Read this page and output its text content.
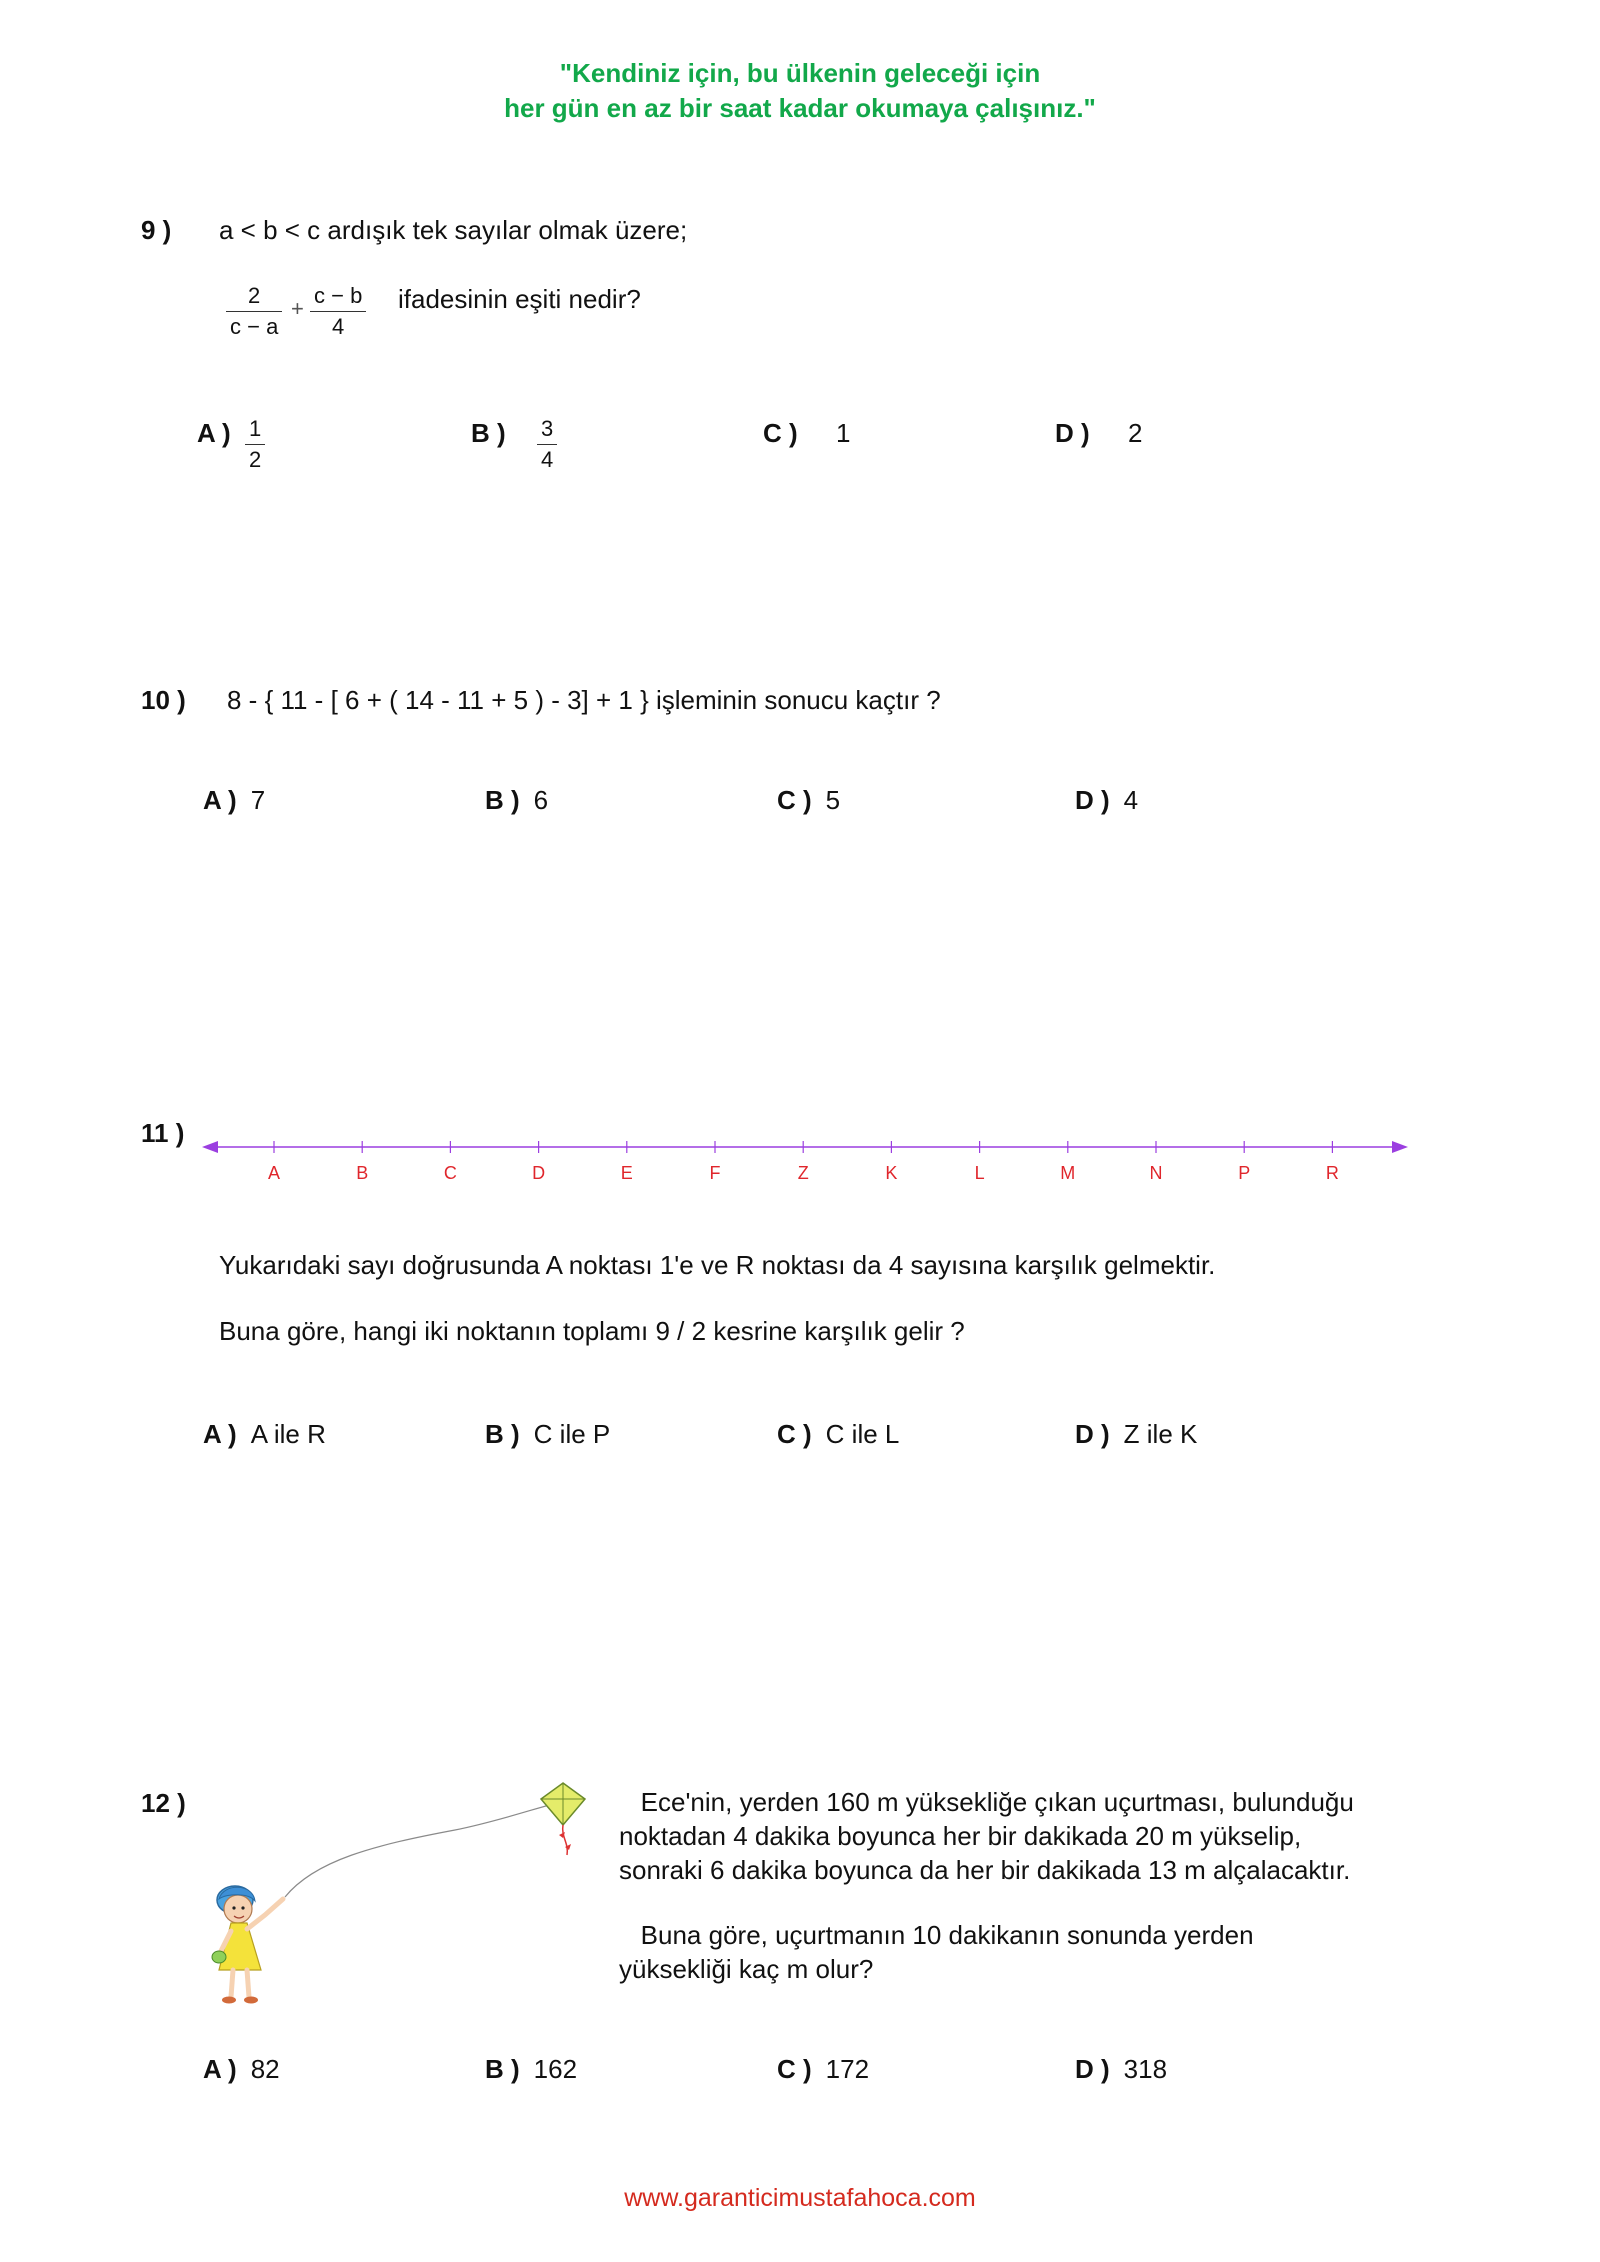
"Kendiniz için, bu ülkenin geleceği için
her gün en az bir saat kadar okumaya çalışınız."
9 ) a < b < c ardışık tek sayılar olmak üzere;
$\frac{2}{c - a} + \frac{c - b}{4}$ ifadesinin eşiti nedir?
A ) $\frac{1}{2}$	B ) $\frac{3}{4}$	C ) 1	D ) 2
10 ) 8 - { 11 - [ 6 + ( 14 - 11 + 5 ) - 3] + 1 } işleminin sonucu kaçtır ?
A ) 7	B ) 6	C ) 5	D ) 4
11 )
A	B	C	D	E	F	Z	K	L	M	N	P	R
Yukarıdaki sayı doğrusunda A noktası 1'e ve R noktası da 4 sayısına karşılık gelmektir.
Buna göre, hangi iki noktanın toplamı 9 / 2 kesrine karşılık gelir ?
A ) A ile R	B ) C ile P	C ) C ile L	D ) Z ile K
12 )	Ece'nin, yerden 160 m yüksekliğe çıkan uçurtması, bulunduğu
noktadan 4 dakika boyunca her bir dakikada 20 m yükselip,
sonraki 6 dakika boyunca da her bir dakikada 13 m alçalacaktır.
Buna göre, uçurtmanın 10 dakikanın sonunda yerden
yüksekliği kaç m olur?
A ) 82	B ) 162	C ) 172	D ) 318
www.garanticimustafahoca.com
